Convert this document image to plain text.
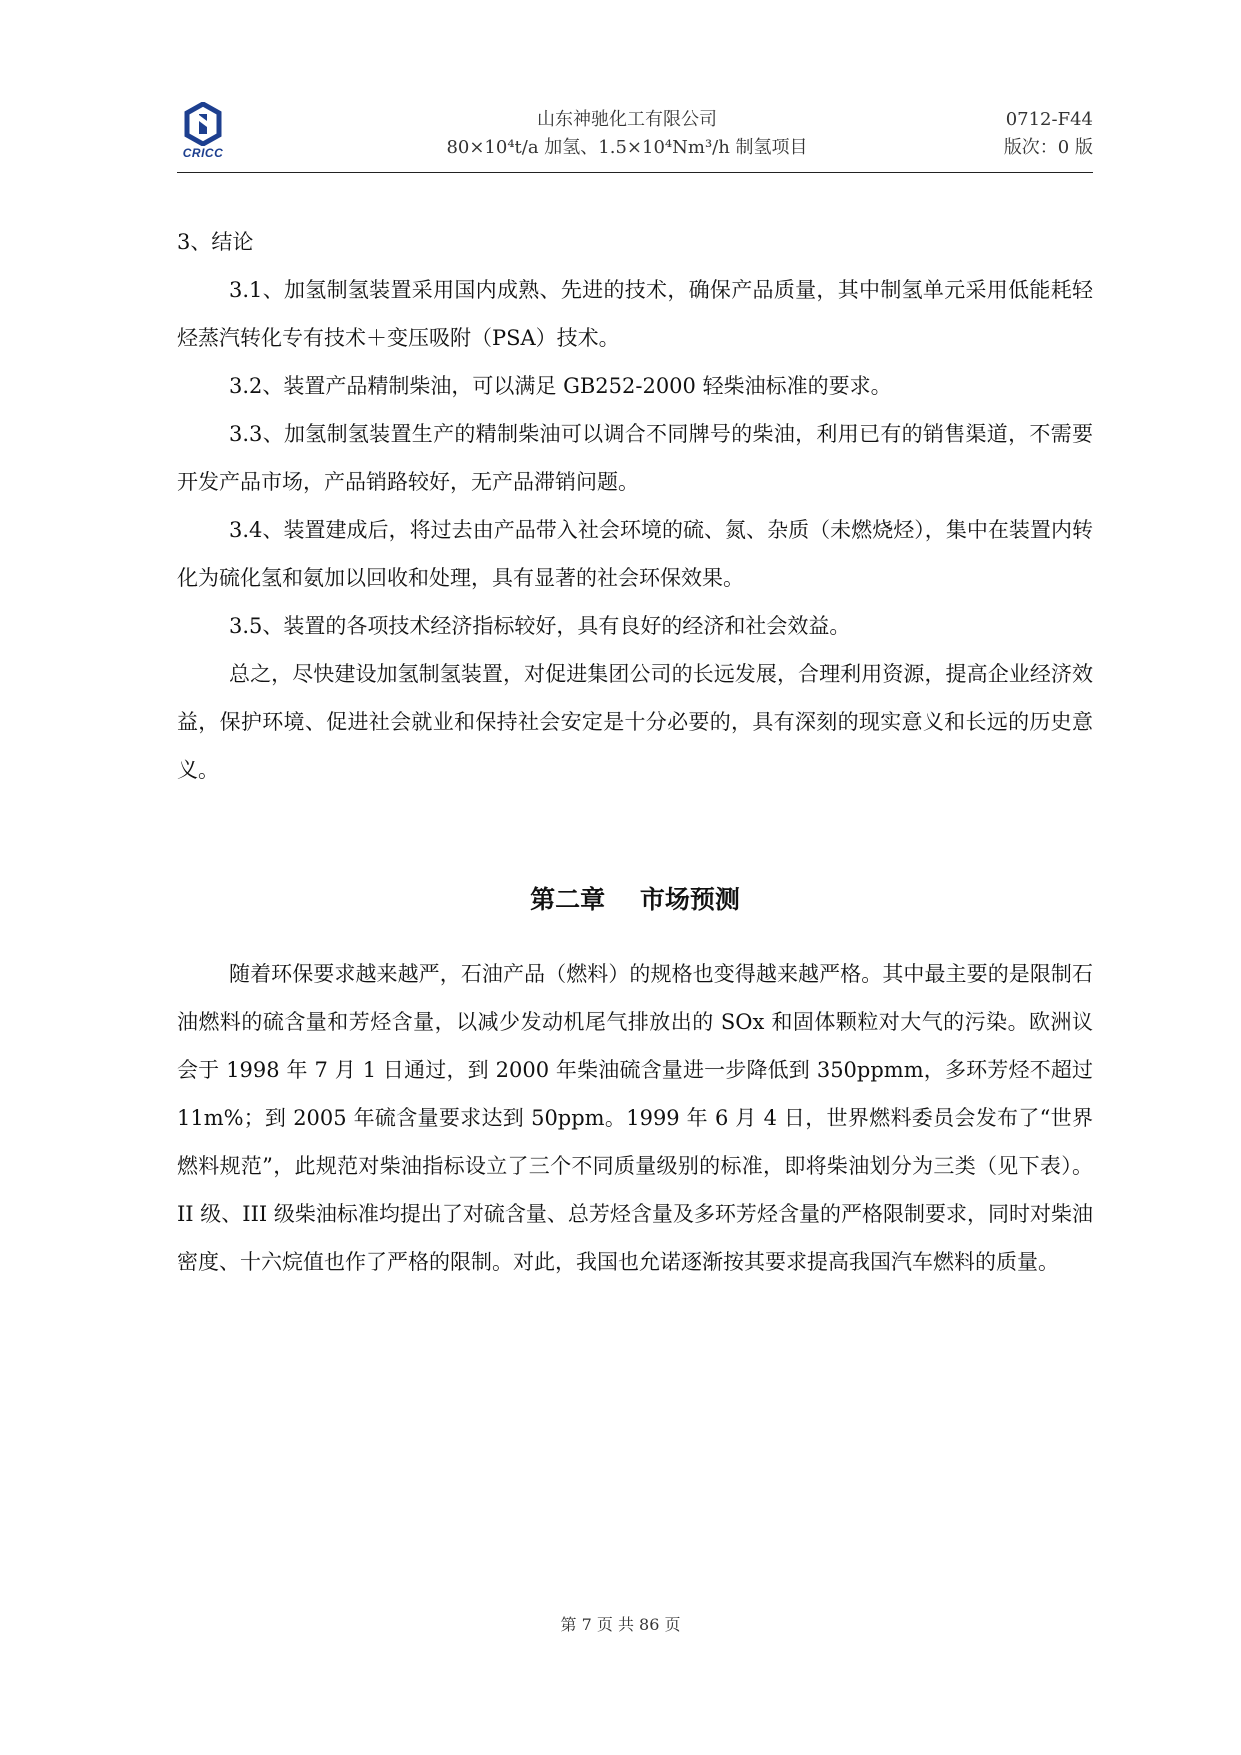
CRICC
山东神驰化工有限公司
80×10⁴t/a 加氢、1.5×10⁴Nm³/h 制氢项目
0712-F44
版次：0 版

3、结论

3.1、加氢制氢装置采用国内成熟、先进的技术，确保产品质量，其中制氢单元采用低能耗轻烃蒸汽转化专有技术＋变压吸附（PSA）技术。

3.2、装置产品精制柴油，可以满足 GB252-2000 轻柴油标准的要求。

3.3、加氢制氢装置生产的精制柴油可以调合不同牌号的柴油，利用已有的销售渠道，不需要开发产品市场，产品销路较好，无产品滞销问题。

3.4、装置建成后，将过去由产品带入社会环境的硫、氮、杂质（未燃烧烃），集中在装置内转化为硫化氢和氨加以回收和处理，具有显著的社会环保效果。

3.5、装置的各项技术经济指标较好，具有良好的经济和社会效益。

总之，尽快建设加氢制氢装置，对促进集团公司的长远发展，合理利用资源，提高企业经济效益，保护环境、促进社会就业和保持社会安定是十分必要的，具有深刻的现实意义和长远的历史意义。

第二章    市场预测

随着环保要求越来越严，石油产品（燃料）的规格也变得越来越严格。其中最主要的是限制石油燃料的硫含量和芳烃含量，以减少发动机尾气排放出的 SOx 和固体颗粒对大气的污染。欧洲议会于 1998 年 7 月 1 日通过，到 2000 年柴油硫含量进一步降低到 350ppmm，多环芳烃不超过 11m%；到 2005 年硫含量要求达到 50ppm。1999 年 6 月 4 日，世界燃料委员会发布了“世界燃料规范”，此规范对柴油指标设立了三个不同质量级别的标准，即将柴油划分为三类（见下表）。II 级、III 级柴油标准均提出了对硫含量、总芳烃含量及多环芳烃含量的严格限制要求，同时对柴油密度、十六烷值也作了严格的限制。对此，我国也允诺逐渐按其要求提高我国汽车燃料的质量。

第 7 页 共 86 页
